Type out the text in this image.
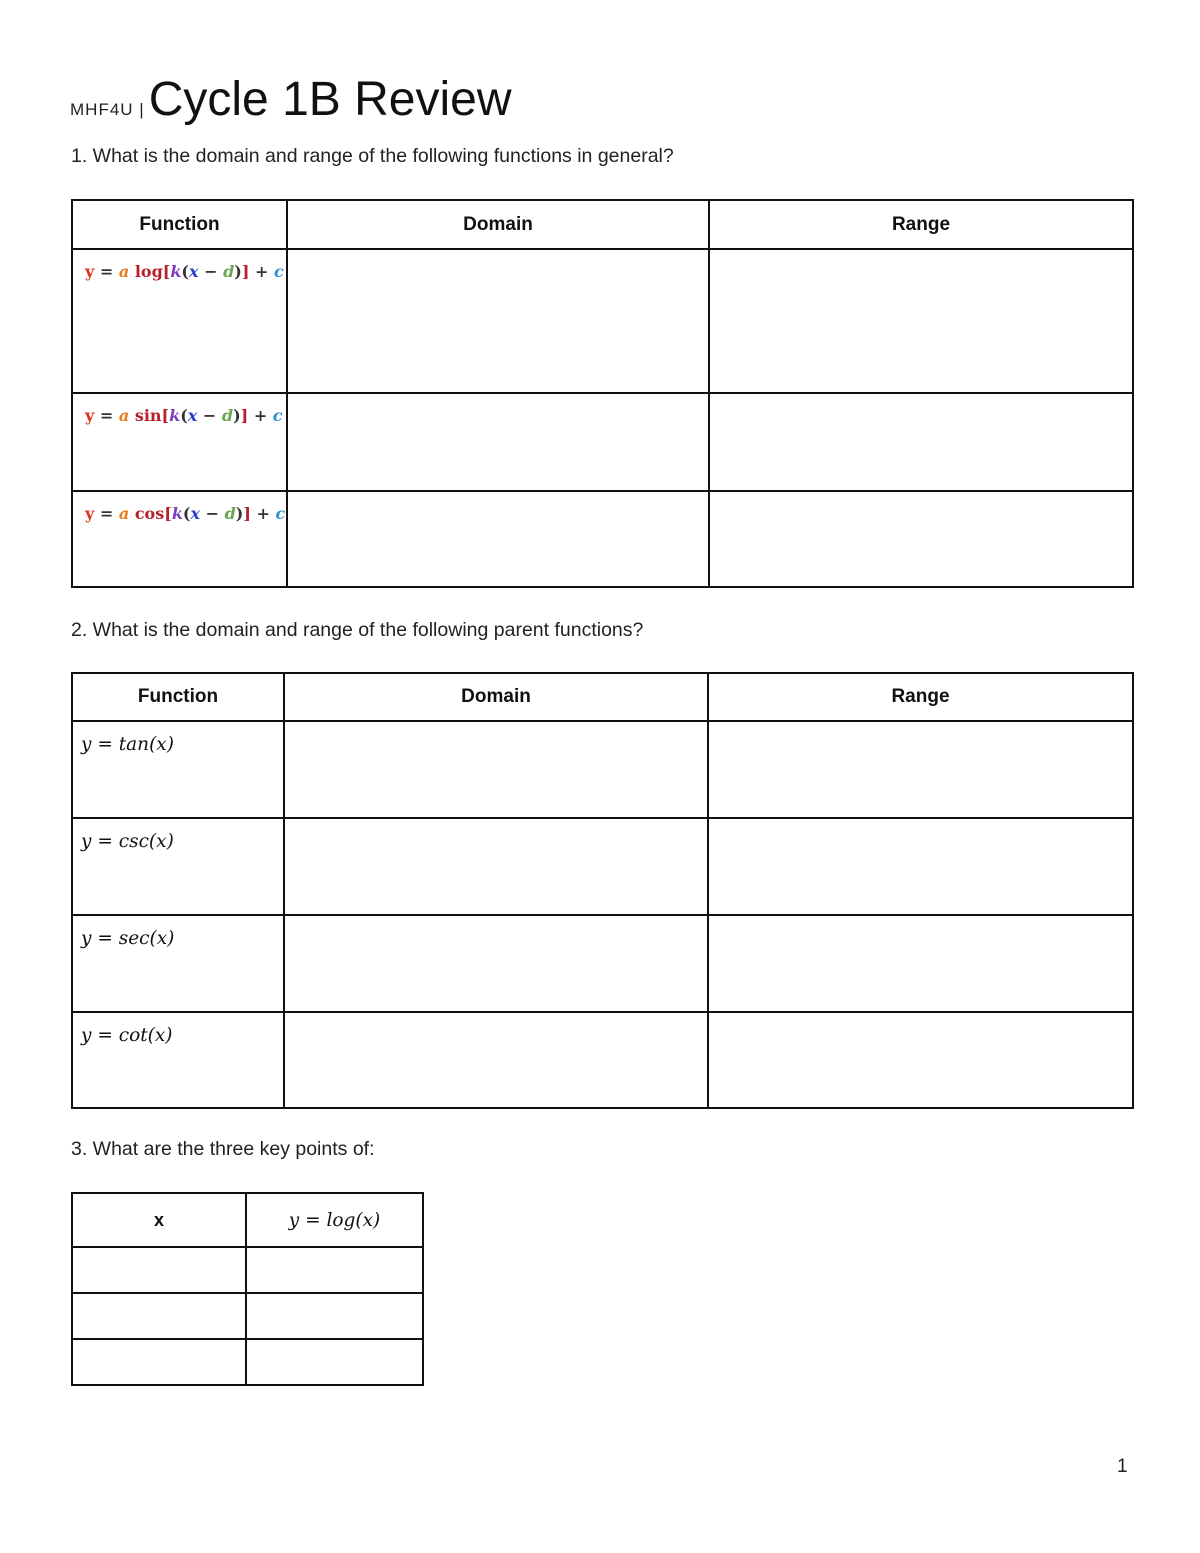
MHF4U |Cycle 1B Review
1. What is the domain and range of the following functions in general?
Function	Domain	Range
y = a log[k(x − d)] + c		
y = a sin[k(x − d)] + c		
y = a cos[k(x − d)] + c		
2. What is the domain and range of the following parent functions?
Function	Domain	Range
y = tan(x)		
y = csc(x)		
y = sec(x)		
y = cot(x)		
3. What are the three key points of:
x	y = log(x)

1
